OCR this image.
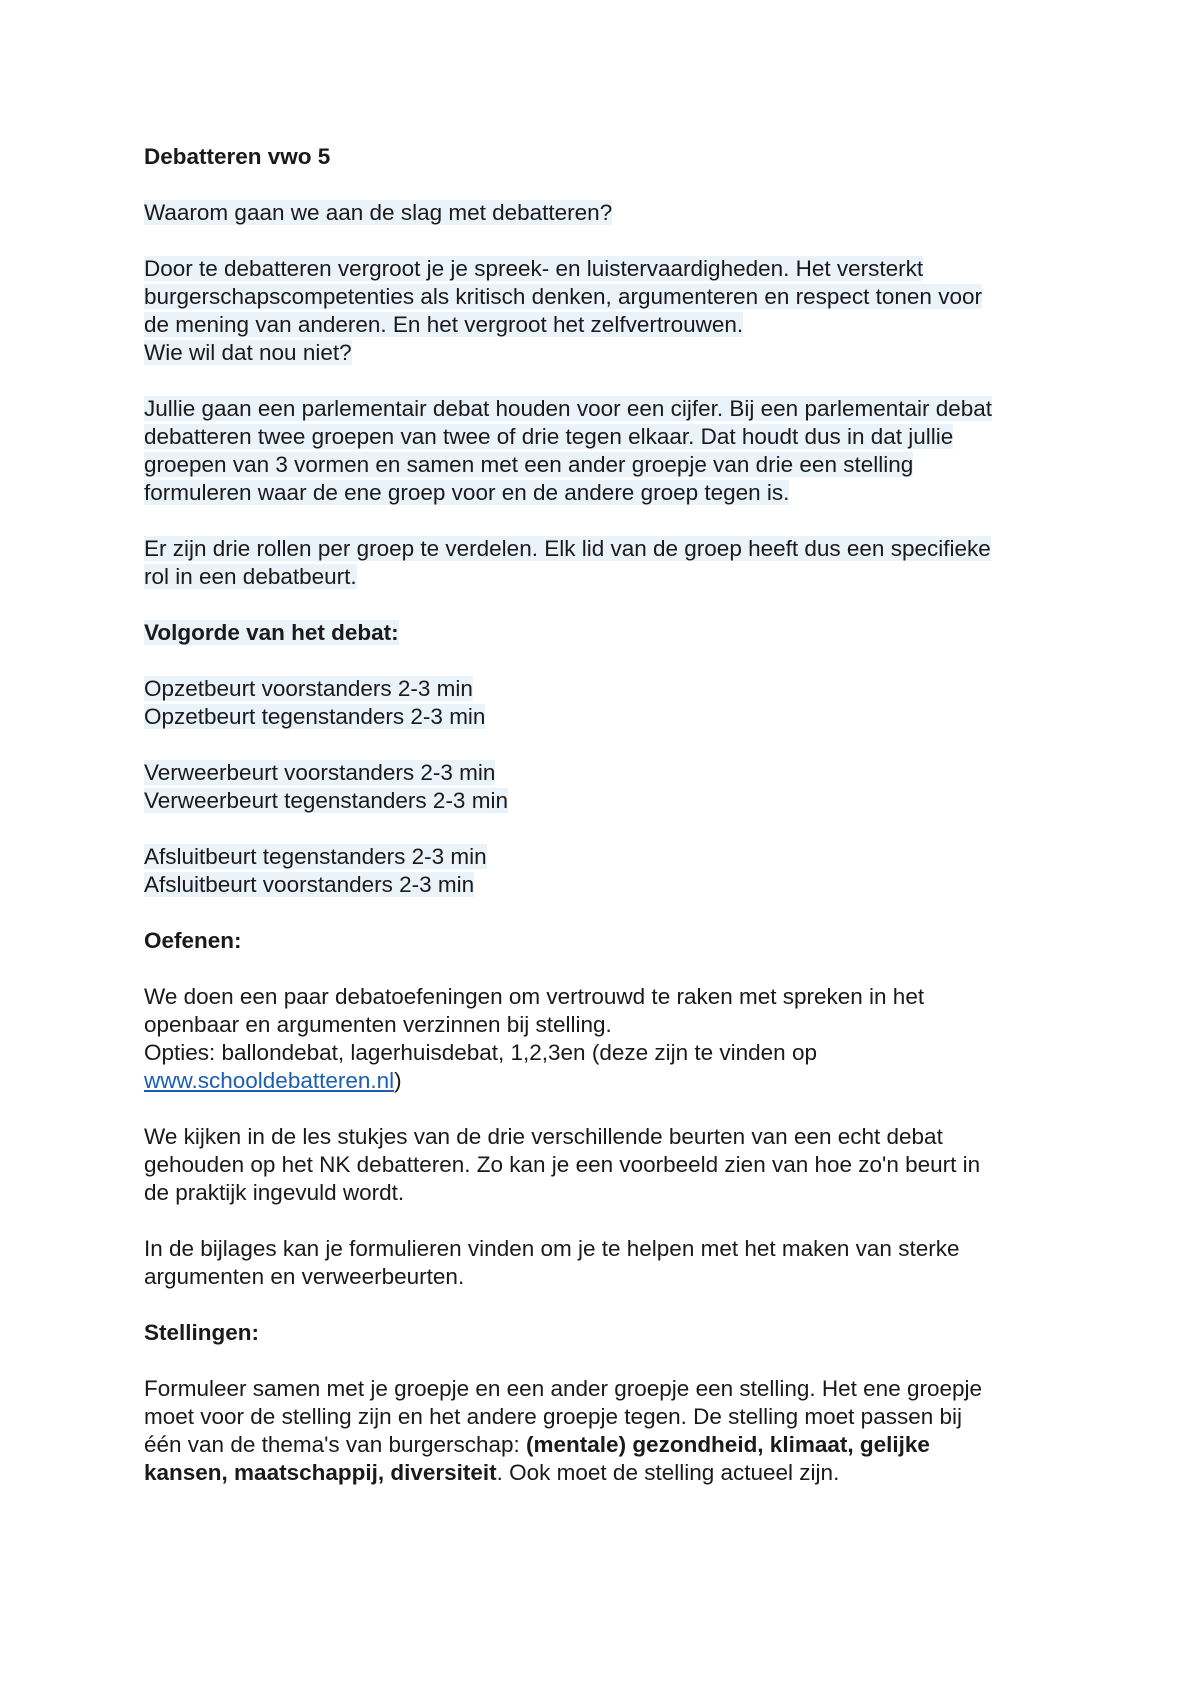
Debatteren vwo 5
Waarom gaan we aan de slag met debatteren?
Door te debatteren vergroot je je spreek- en luistervaardigheden. Het versterkt
burgerschapscompetenties als kritisch denken, argumenteren en respect tonen voor
de mening van anderen. En het vergroot het zelfvertrouwen.
Wie wil dat nou niet?
Jullie gaan een parlementair debat houden voor een cijfer. Bij een parlementair debat
debatteren twee groepen van twee of drie tegen elkaar. Dat houdt dus in dat jullie
groepen van 3 vormen en samen met een ander groepje van drie een stelling
formuleren waar de ene groep voor en de andere groep tegen is.
Er zijn drie rollen per groep te verdelen. Elk lid van de groep heeft dus een specifieke
rol in een debatbeurt.
Volgorde van het debat:
Opzetbeurt voorstanders 2-3 min
Opzetbeurt tegenstanders 2-3 min
Verweerbeurt voorstanders 2-3 min
Verweerbeurt tegenstanders 2-3 min
Afsluitbeurt tegenstanders 2-3 min
Afsluitbeurt voorstanders 2-3 min
Oefenen:
We doen een paar debatoefeningen om vertrouwd te raken met spreken in het
openbaar en argumenten verzinnen bij stelling.
Opties: ballondebat, lagerhuisdebat, 1,2,3en (deze zijn te vinden op
www.schooldebatteren.nl)
We kijken in de les stukjes van de drie verschillende beurten van een echt debat
gehouden op het NK debatteren. Zo kan je een voorbeeld zien van hoe zo'n beurt in
de praktijk ingevuld wordt.
In de bijlages kan je formulieren vinden om je te helpen met het maken van sterke
argumenten en verweerbeurten.
Stellingen:
Formuleer samen met je groepje en een ander groepje een stelling. Het ene groepje
moet voor de stelling zijn en het andere groepje tegen. De stelling moet passen bij
één van de thema's van burgerschap: (mentale) gezondheid, klimaat, gelijke
kansen, maatschappij, diversiteit. Ook moet de stelling actueel zijn.
